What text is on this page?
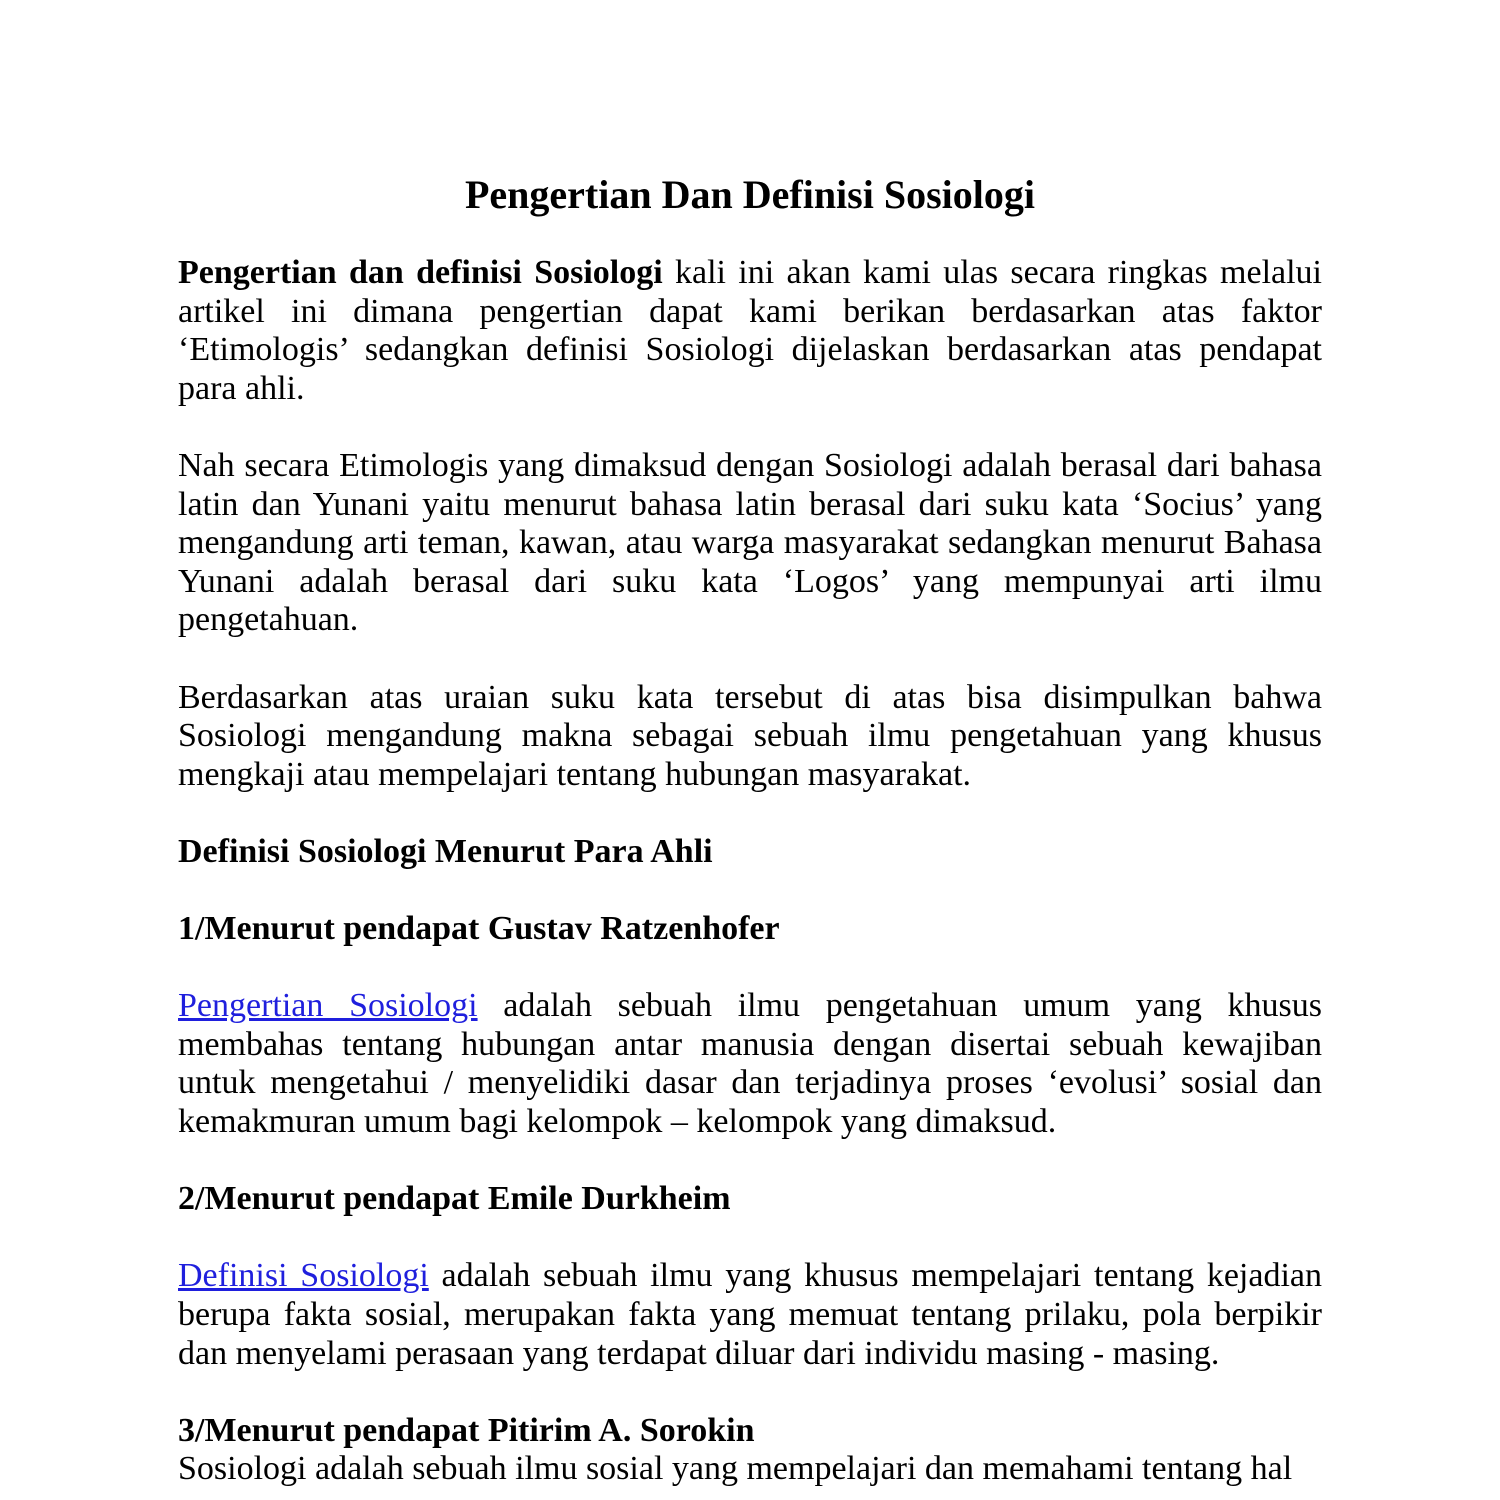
Pengertian Dan Definisi Sosiologi

Pengertian dan definisi Sosiologi kali ini akan kami ulas secara ringkas melalui artikel ini dimana pengertian dapat kami berikan berdasarkan atas faktor ‘Etimologis’ sedangkan definisi Sosiologi dijelaskan berdasarkan atas pendapat para ahli.

Nah secara Etimologis yang dimaksud dengan Sosiologi adalah berasal dari bahasa latin dan Yunani yaitu menurut bahasa latin berasal dari suku kata ‘Socius’ yang mengandung arti teman, kawan, atau warga masyarakat sedangkan menurut Bahasa Yunani adalah berasal dari suku kata ‘Logos’ yang mempunyai arti ilmu pengetahuan.

Berdasarkan atas uraian suku kata tersebut di atas bisa disimpulkan bahwa Sosiologi mengandung makna sebagai sebuah ilmu pengetahuan yang khusus mengkaji atau mempelajari tentang hubungan masyarakat.

Definisi Sosiologi Menurut Para Ahli
1/Menurut pendapat Gustav Ratzenhofer

Pengertian Sosiologi adalah sebuah ilmu pengetahuan umum yang khusus membahas tentang hubungan antar manusia dengan disertai sebuah kewajiban untuk mengetahui / menyelidiki dasar dan terjadinya proses ‘evolusi’ sosial dan kemakmuran umum bagi kelompok – kelompok yang dimaksud.

2/Menurut pendapat Emile Durkheim

Definisi Sosiologi adalah sebuah ilmu yang khusus mempelajari tentang kejadian berupa fakta sosial, merupakan fakta yang memuat tentang prilaku, pola berpikir dan menyelami perasaan yang terdapat diluar dari individu masing - masing.

3/Menurut pendapat Pitirim A. Sorokin

Sosiologi adalah sebuah ilmu sosial yang mempelajari dan memahami tentang hal
